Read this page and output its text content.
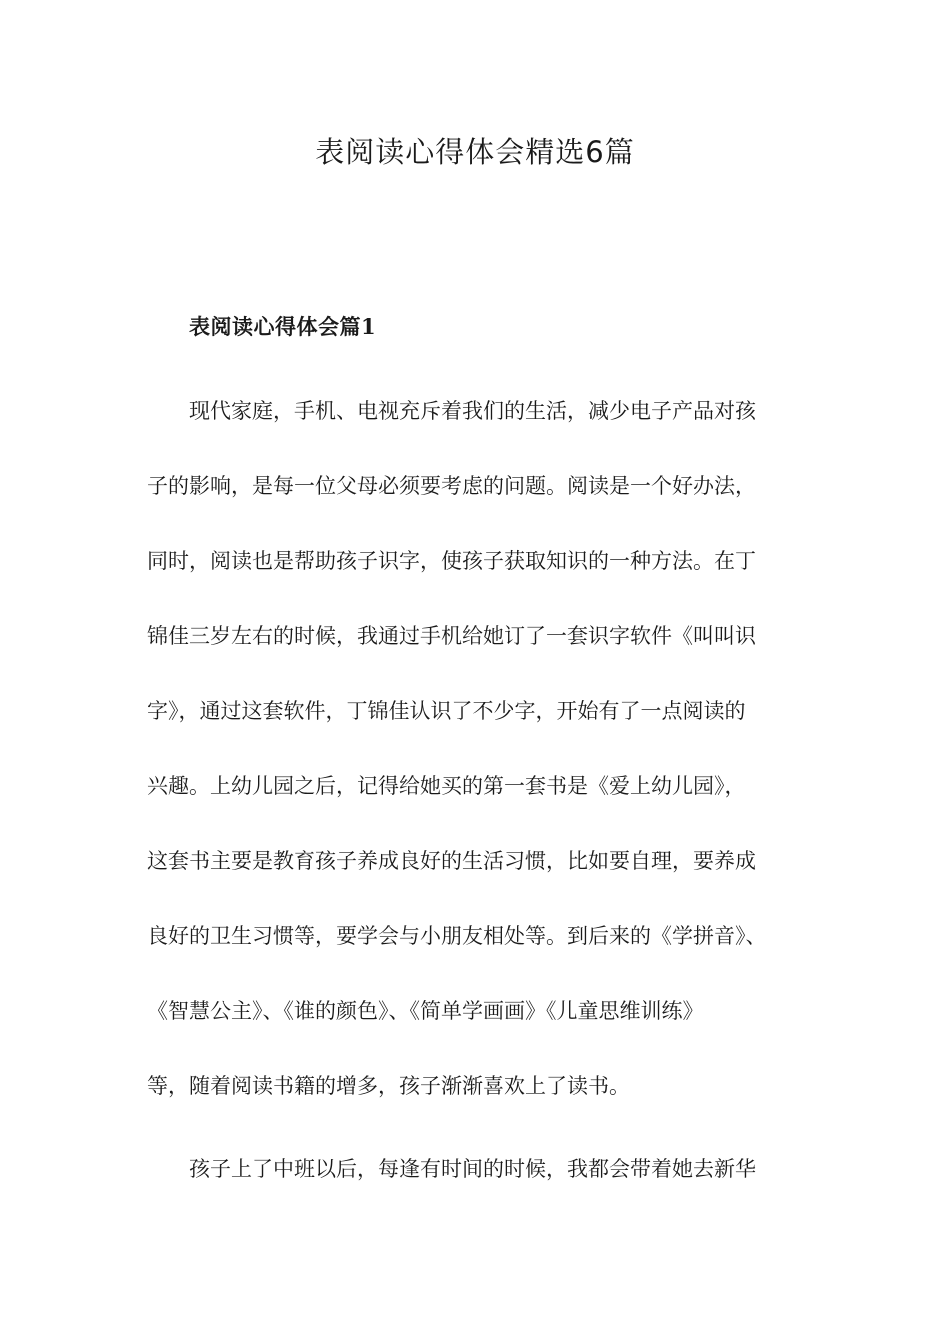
表阅读心得体会精选6篇
表阅读心得体会篇1

现代家庭，手机、电视充斥着我们的生活，减少电子产品对孩

子的影响，是每一位父母必须要考虑的问题。阅读是一个好办法，

同时，阅读也是帮助孩子识字，使孩子获取知识的一种方法。在丁

锦佳三岁左右的时候，我通过手机给她订了一套识字软件《叫叫识

字》，通过这套软件，丁锦佳认识了不少字，开始有了一点阅读的

兴趣。上幼儿园之后，记得给她买的第一套书是《爱上幼儿园》，

这套书主要是教育孩子养成良好的生活习惯，比如要自理，要养成

良好的卫生习惯等，要学会与小朋友相处等。到后来的《学拼音》、

《智慧公主》、《谁的颜色》、《简单学画画》《儿童思维训练》

等，随着阅读书籍的增多，孩子渐渐喜欢上了读书。

孩子上了中班以后，每逢有时间的时候，我都会带着她去新华
